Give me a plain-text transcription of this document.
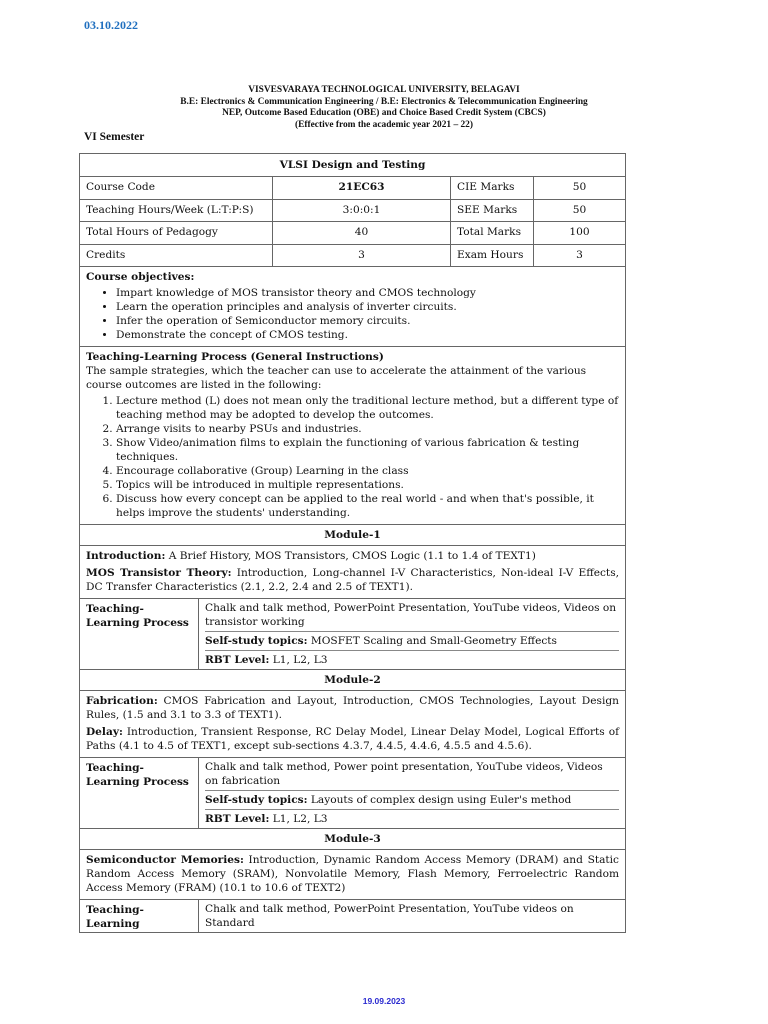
03.10.2022
VISVESVARAYA TECHNOLOGICAL UNIVERSITY, BELAGAVI
B.E: Electronics & Communication Engineering / B.E: Electronics & Telecommunication Engineering
NEP, Outcome Based Education (OBE) and Choice Based Credit System (CBCS)
(Effective from the academic year 2021 – 22)
VI Semester
VLSI Design and Testing
Course Code	21EC63	CIE Marks	50
Teaching Hours/Week (L:T:P:S)	3:0:0:1	SEE Marks	50
Total Hours of Pedagogy	40	Total Marks	100
Credits	3	Exam Hours	3
Course objectives:
• Impart knowledge of MOS transistor theory and CMOS technology
• Learn the operation principles and analysis of inverter circuits.
• Infer the operation of Semiconductor memory circuits.
• Demonstrate the concept of CMOS testing.
Teaching-Learning Process (General Instructions)

The sample strategies, which the teacher can use to accelerate the attainment of the various course outcomes are listed in the following:

1. Lecture method (L) does not mean only the traditional lecture method, but a different type of teaching method may be adopted to develop the outcomes.
2. Arrange visits to nearby PSUs and industries.
3. Show Video/animation films to explain the functioning of various fabrication & testing techniques.
4. Encourage collaborative (Group) Learning in the class
5. Topics will be introduced in multiple representations.
6. Discuss how every concept can be applied to the real world - and when that's possible, it helps improve the students' understanding.
Module-1

Introduction: A Brief History, MOS Transistors, CMOS Logic (1.1 to 1.4 of TEXT1)

MOS Transistor Theory: Introduction, Long-channel I-V Characteristics, Non-ideal I-V Effects, DC Transfer Characteristics (2.1, 2.2, 2.4 and 2.5 of TEXT1).

Teaching-Learning Process
Chalk and talk method, PowerPoint Presentation, YouTube videos, Videos on transistor working
Self-study topics: MOSFET Scaling and Small-Geometry Effects
RBT Level: L1, L2, L3
Module-2

Fabrication: CMOS Fabrication and Layout, Introduction, CMOS Technologies, Layout Design Rules, (1.5 and 3.1 to 3.3 of TEXT1).

Delay: Introduction, Transient Response, RC Delay Model, Linear Delay Model, Logical Efforts of Paths (4.1 to 4.5 of TEXT1, except sub-sections 4.3.7, 4.4.5, 4.4.6, 4.5.5 and 4.5.6).

Teaching-Learning Process
Chalk and talk method, Power point presentation, YouTube videos, Videos on fabrication
Self-study topics: Layouts of complex design using Euler's method
RBT Level: L1, L2, L3
Module-3

Semiconductor Memories: Introduction, Dynamic Random Access Memory (DRAM) and Static Random Access Memory (SRAM), Nonvolatile Memory, Flash Memory, Ferroelectric Random Access Memory (FRAM) (10.1 to 10.6 of TEXT2)

Teaching-Learning
Chalk and talk method, PowerPoint Presentation, YouTube videos on Standard
19.09.2023
